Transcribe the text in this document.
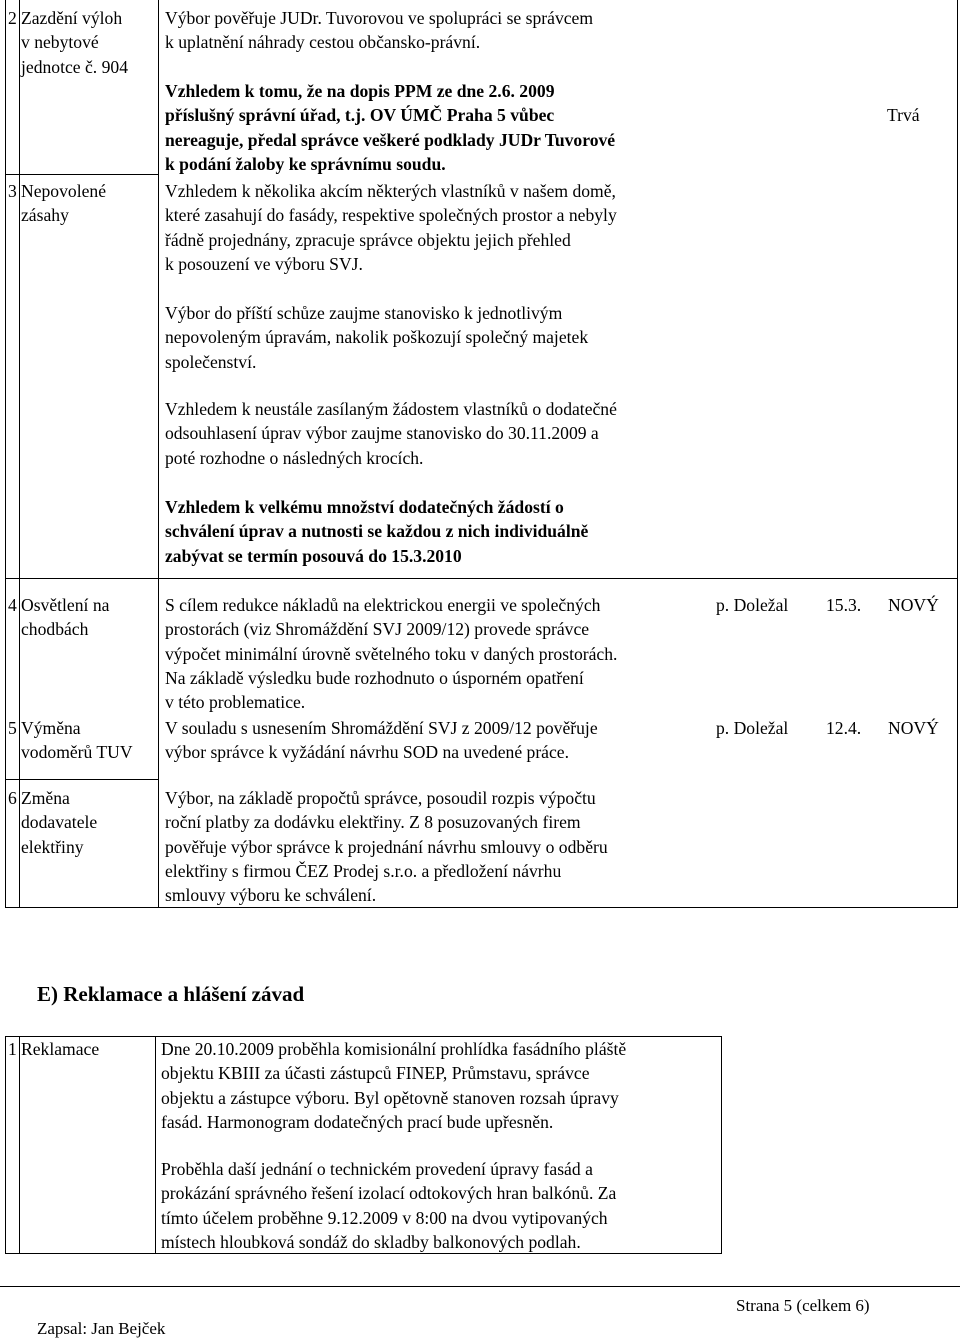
2 Zazdění výloh
v nebytové
jednotce č. 904
Výbor pověřuje JUDr. Tuvorovou ve spolupráci se správcem
k uplatnění náhrady cestou občansko-právní.
Vzhledem k tomu, že na dopis PPM ze dne 2.6. 2009
příslušný správní úřad, t.j. OV ÚMČ Praha 5 vůbec
nereaguje, předal správce veškeré podklady JUDr Tuvorové
k podání žaloby ke správnímu soudu.
Trvá
3 Nepovolené
zásahy
Vzhledem k několika akcím některých vlastníků v našem domě,
které zasahují do fasády, respektive společných prostor a nebyly
řádně projednány, zpracuje správce objektu jejich přehled
k posouzení ve výboru SVJ.
Výbor do příští schůze zaujme stanovisko k jednotlivým
nepovoleným úpravám, nakolik poškozují společný majetek
společenství.
Vzhledem k neustále zasílaným žádostem vlastníků o dodatečné
odsouhlasení úprav výbor zaujme stanovisko do 30.11.2009 a
poté rozhodne o následných krocích.
Vzhledem k velkému množství dodatečných žádostí o
schválení úprav a nutnosti se každou z nich individuálně
zabývat se termín posouvá do 15.3.2010
4 Osvětlení na
chodbách
S cílem redukce nákladů na elektrickou energii ve společných
prostorách (viz Shromáždění SVJ 2009/12) provede správce
výpočet minimální úrovně světelného toku v daných prostorách.
Na základě výsledku bude rozhodnuto o úsporném opatření
v této problematice.
p. Doležal 15.3. NOVÝ
5 Výměna
vodoměrů TUV
V souladu s usnesením Shromáždění SVJ z 2009/12 pověřuje
výbor správce k vyžádání návrhu SOD na uvedené práce.
p. Doležal 12.4. NOVÝ
6 Změna
dodavatele
elektřiny
Výbor, na základě propočtů správce, posoudil rozpis výpočtu
roční platby za dodávku elektřiny. Z 8 posuzovaných firem
pověřuje výbor správce k projednání návrhu smlouvy o odběru
elektřiny s firmou ČEZ Prodej s.r.o. a předložení návrhu
smlouvy výboru ke schválení.
E) Reklamace a hlášení závad
1 Reklamace	Dne 20.10.2009 proběhla komisionální prohlídka fasádního pláště
objektu KBIII za účasti zástupců FINEP, Průmstavu, správce
objektu a zástupce výboru. Byl opětovně stanoven rozsah úpravy
fasád. Harmonogram dodatečných prací bude upřesněn.
Proběhla daší jednání o technickém provedení úpravy fasád a
prokázání správného řešení izolací odtokových hran balkónů. Za
tímto účelem proběhne 9.12.2009 v 8:00 na dvou vytipovaných
místech hloubková sondáž do skladby balkonových podlah.
Strana 5 (celkem 6)
Zapsal: Jan Bejček
